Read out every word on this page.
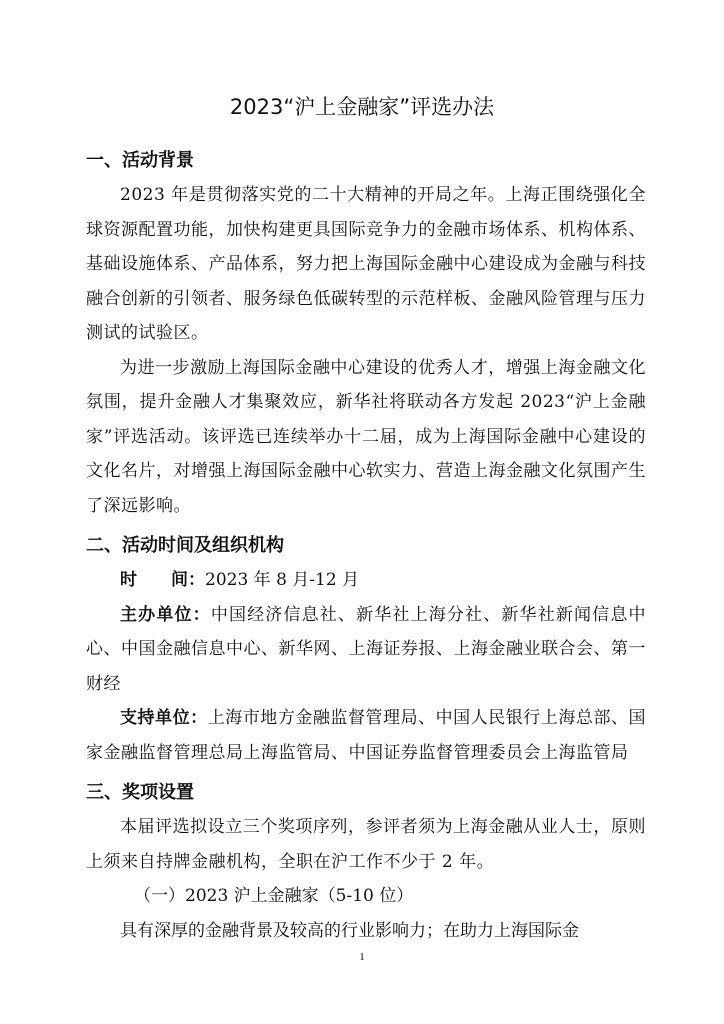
2023“沪上金融家”评选办法
一、活动背景

2023 年是贯彻落实党的二十大精神的开局之年。上海正围绕强化全球资源配置功能，加快构建更具国际竞争力的金融市场体系、机构体系、基础设施体系、产品体系，努力把上海国际金融中心建设成为金融与科技融合创新的引领者、服务绿色低碳转型的示范样板、金融风险管理与压力测试的试验区。

为进一步激励上海国际金融中心建设的优秀人才，增强上海金融文化氛围，提升金融人才集聚效应，新华社将联动各方发起 2023“沪上金融家”评选活动。该评选已连续举办十二届，成为上海国际金融中心建设的文化名片，对增强上海国际金融中心软实力、营造上海金融文化氛围产生了深远影响。

二、活动时间及组织机构

时　　间：2023 年 8 月-12 月

主办单位：中国经济信息社、新华社上海分社、新华社新闻信息中心、中国金融信息中心、新华网、上海证券报、上海金融业联合会、第一财经

支持单位：上海市地方金融监督管理局、中国人民银行上海总部、国家金融监督管理总局上海监管局、中国证券监督管理委员会上海监管局

三、奖项设置

本届评选拟设立三个奖项序列，参评者须为上海金融从业人士，原则上须来自持牌金融机构，全职在沪工作不少于 2 年。

（一）2023 沪上金融家（5-10 位）

具有深厚的金融背景及较高的行业影响力；在助力上海国际金

1
